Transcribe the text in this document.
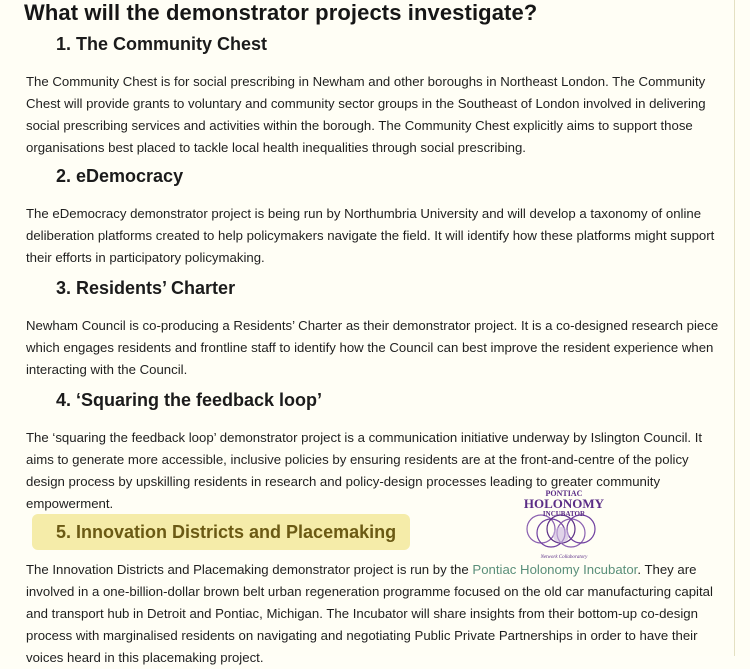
What will the demonstrator projects investigate?
1. The Community Chest
The Community Chest is for social prescribing in Newham and other boroughs in Northeast London. The Community Chest will provide grants to voluntary and community sector groups in the Southeast of London involved in delivering social prescribing services and activities within the borough. The Community Chest explicitly aims to support those organisations best placed to tackle local health inequalities through social prescribing.
2. eDemocracy
The eDemocracy demonstrator project is being run by Northumbria University and will develop a taxonomy of online deliberation platforms created to help policymakers navigate the field. It will identify how these platforms might support their efforts in participatory policymaking.
3. Residents’ Charter
Newham Council is co-producing a Residents’ Charter as their demonstrator project. It is a co-designed research piece which engages residents and frontline staff to identify how the Council can best improve the resident experience when interacting with the Council.
4. ‘Squaring the feedback loop’
The ‘squaring the feedback loop’ demonstrator project is a communication initiative underway by Islington Council. It aims to generate more accessible, inclusive policies by ensuring residents are at the front-and-centre of the policy design process by upskilling residents in research and policy-design processes leading to greater community empowerment.
5. Innovation Districts and Placemaking
PONTIAC
HOLONOMY
INCUBATOR
Network Collaboratory
The Innovation Districts and Placemaking demonstrator project is run by the Pontiac Holonomy Incubator. They are involved in a one-billion-dollar brown belt urban regeneration programme focused on the old car manufacturing capital and transport hub in Detroit and Pontiac, Michigan. The Incubator will share insights from their bottom-up co-design process with marginalised residents on navigating and negotiating Public Private Partnerships in order to have their voices heard in this placemaking project.
